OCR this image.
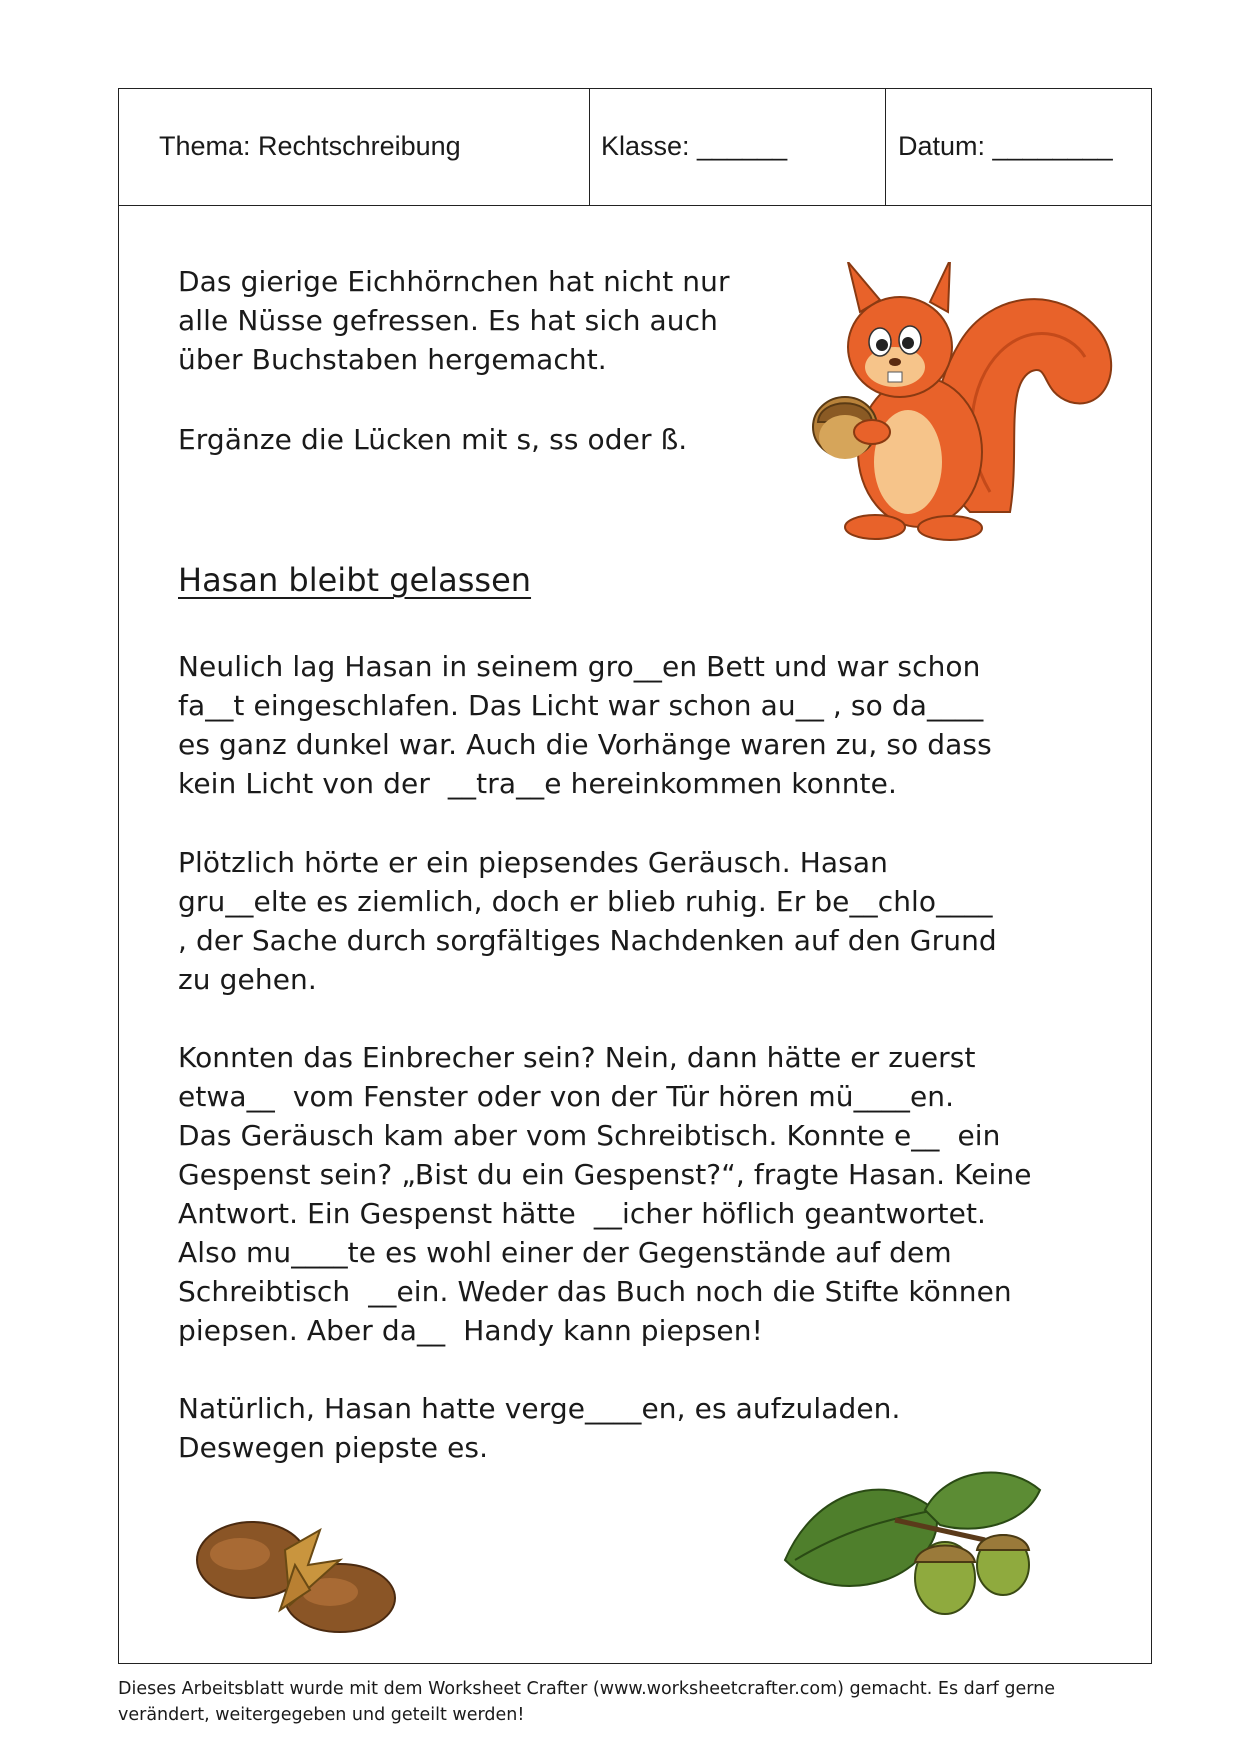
Thema: Rechtschreibung	Klasse: ______	Datum: ________
Das gierige Eichhörnchen hat nicht nur
alle Nüsse gefressen. Es hat sich auch
über Buchstaben hergemacht.
Ergänze die Lücken mit s, ss oder ß.
Hasan bleibt gelassen
Neulich lag Hasan in seinem gro__en Bett und war schon
fa__t eingeschlafen. Das Licht war schon au__ , so da____
es ganz dunkel war. Auch die Vorhänge waren zu, so dass
kein Licht von der  __tra__e hereinkommen konnte.
Plötzlich hörte er ein piepsendes Geräusch. Hasan
gru__elte es ziemlich, doch er blieb ruhig. Er be__chlo____
, der Sache durch sorgfältiges Nachdenken auf den Grund
zu gehen.
Konnten das Einbrecher sein? Nein, dann hätte er zuerst
etwa__  vom Fenster oder von der Tür hören mü____en.
Das Geräusch kam aber vom Schreibtisch. Konnte e__  ein
Gespenst sein? „Bist du ein Gespenst?“, fragte Hasan. Keine
Antwort. Ein Gespenst hätte  __icher höflich geantwortet.
Also mu____te es wohl einer der Gegenstände auf dem
Schreibtisch  __ein. Weder das Buch noch die Stifte können
piepsen. Aber da__  Handy kann piepsen!
Natürlich, Hasan hatte verge____en, es aufzuladen.
Deswegen piepste es.
Dieses Arbeitsblatt wurde mit dem Worksheet Crafter (www.worksheetcrafter.com) gemacht. Es darf gerne
verändert, weitergegeben und geteilt werden!
